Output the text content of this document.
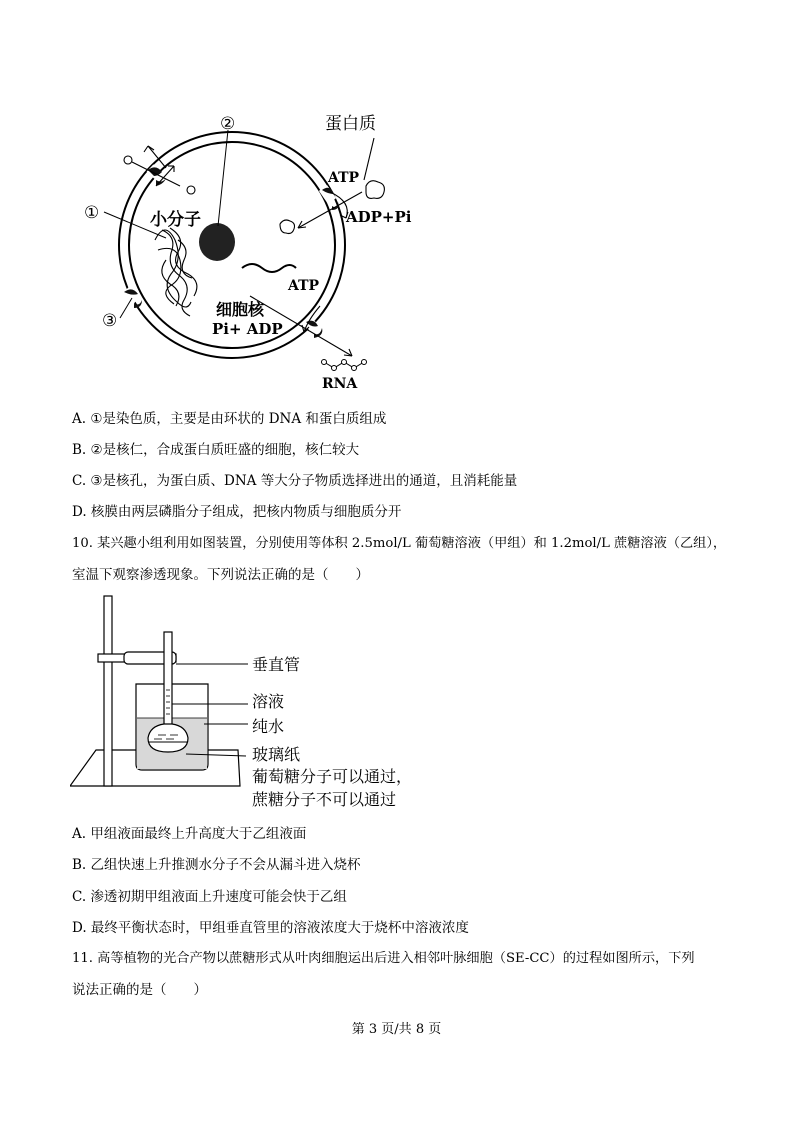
①
②
③
蛋白质
ATP
ADP+Pi
小分子
细胞核
ATP
Pi+ ADP
RNA
A. ①是染色质，主要是由环状的 DNA 和蛋白质组成
B. ②是核仁，合成蛋白质旺盛的细胞，核仁较大
C. ③是核孔，为蛋白质、DNA 等大分子物质选择进出的通道，且消耗能量
D. 核膜由两层磷脂分子组成，把核内物质与细胞质分开
10. 某兴趣小组利用如图装置，分别使用等体积 2.5mol/L 葡萄糖溶液（甲组）和 1.2mol/L 蔗糖溶液（乙组），
室温下观察渗透现象。下列说法正确的是（　　）
垂直管
溶液
纯水
玻璃纸
葡萄糖分子可以通过，
蔗糖分子不可以通过
A. 甲组液面最终上升高度大于乙组液面
B. 乙组快速上升推测水分子不会从漏斗进入烧杯
C. 渗透初期甲组液面上升速度可能会快于乙组
D. 最终平衡状态时，甲组垂直管里的溶液浓度大于烧杯中溶液浓度
11. 高等植物的光合产物以蔗糖形式从叶肉细胞运出后进入相邻叶脉细胞（SE-CC）的过程如图所示，下列
说法正确的是（　　）
第 3 页/共 8 页
